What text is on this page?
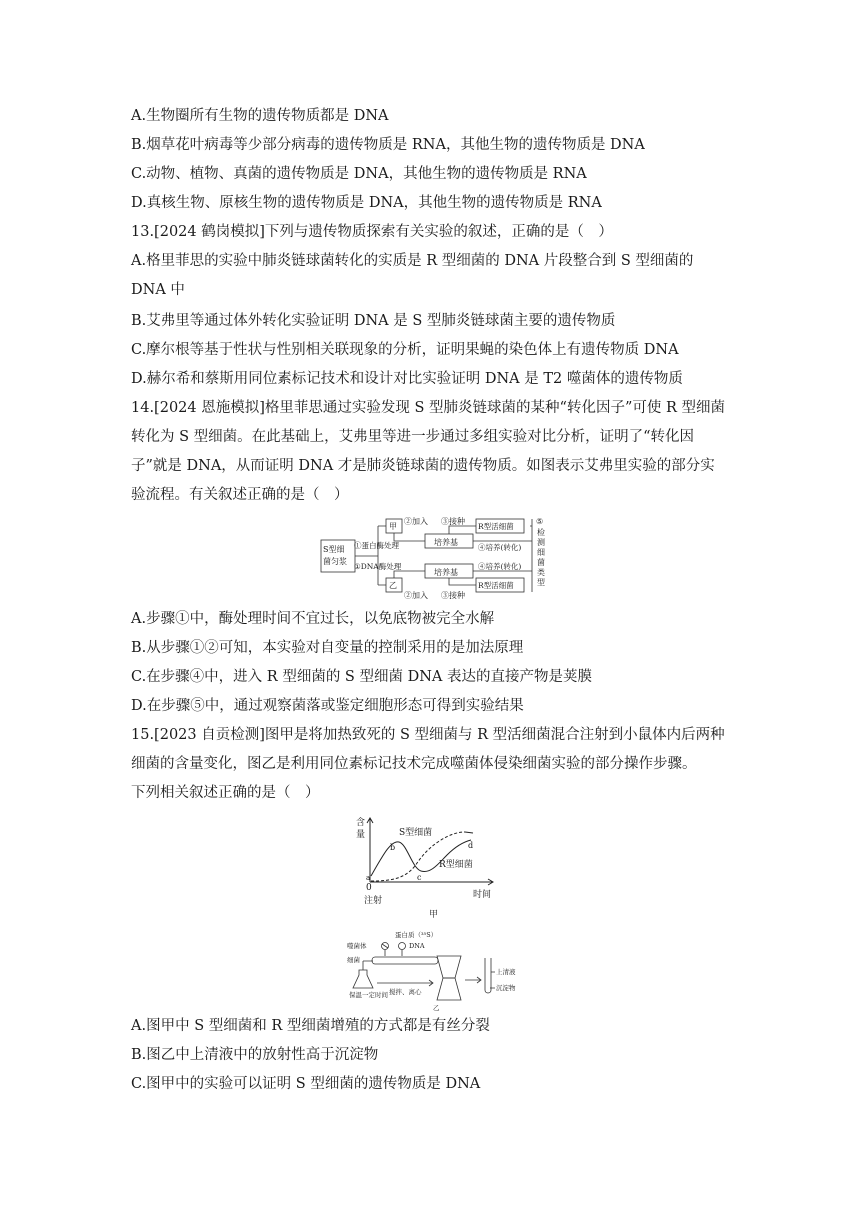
A.生物圈所有生物的遗传物质都是 DNA
B.烟草花叶病毒等少部分病毒的遗传物质是 RNA，其他生物的遗传物质是 DNA
C.动物、植物、真菌的遗传物质是 DNA，其他生物的遗传物质是 RNA
D.真核生物、原核生物的遗传物质是 DNA，其他生物的遗传物质是 RNA
13.[2024 鹤岗模拟]下列与遗传物质探索有关实验的叙述，正确的是（　）
A.格里菲思的实验中肺炎链球菌转化的实质是 R 型细菌的 DNA 片段整合到 S 型细菌的
DNA 中
B.艾弗里等通过体外转化实验证明 DNA 是 S 型肺炎链球菌主要的遗传物质
C.摩尔根等基于性状与性别相关联现象的分析，证明果蝇的染色体上有遗传物质 DNA
D.赫尔希和蔡斯用同位素标记技术和设计对比实验证明 DNA 是 T2 噬菌体的遗传物质
14.[2024 恩施模拟]格里菲思通过实验发现 S 型肺炎链球菌的某种“转化因子”可使 R 型细菌
转化为 S 型细菌。在此基础上，艾弗里等进一步通过多组实验对比分析，证明了“转化因
子”就是 DNA，从而证明 DNA 才是肺炎链球菌的遗传物质。如图表示艾弗里实验的部分实
验流程。有关叙述正确的是（　）
S型细
菌匀浆
甲
乙
②加入
②加入
①蛋白酶处理
①DNA酶处理
③接种
③接种
R型活细菌
R型活细菌
培养基
培养基
④培养(转化)
④培养(转化)
⑤
检
测
细
菌
类
型
A.步骤①中，酶处理时间不宜过长，以免底物被完全水解
B.从步骤①②可知，本实验对自变量的控制采用的是加法原理
C.在步骤④中，进入 R 型细菌的 S 型细菌 DNA 表达的直接产物是荚膜
D.在步骤⑤中，通过观察菌落或鉴定细胞形态可得到实验结果
15.[2023 自贡检测]图甲是将加热致死的 S 型细菌与 R 型活细菌混合注射到小鼠体内后两种
细菌的含量变化，图乙是利用同位素标记技术完成噬菌体侵染细菌实验的部分操作步骤。
下列相关叙述正确的是（　）
含
量
0
a
b
c
d
S型细菌
R型细菌
时间
注射
甲
噬菌体
细菌
蛋白质（³⁵S）
DNA
保温一定时间 搅拌、离心
上清液
沉淀物
乙
A.图甲中 S 型细菌和 R 型细菌增殖的方式都是有丝分裂
B.图乙中上清液中的放射性高于沉淀物
C.图甲中的实验可以证明 S 型细菌的遗传物质是 DNA
